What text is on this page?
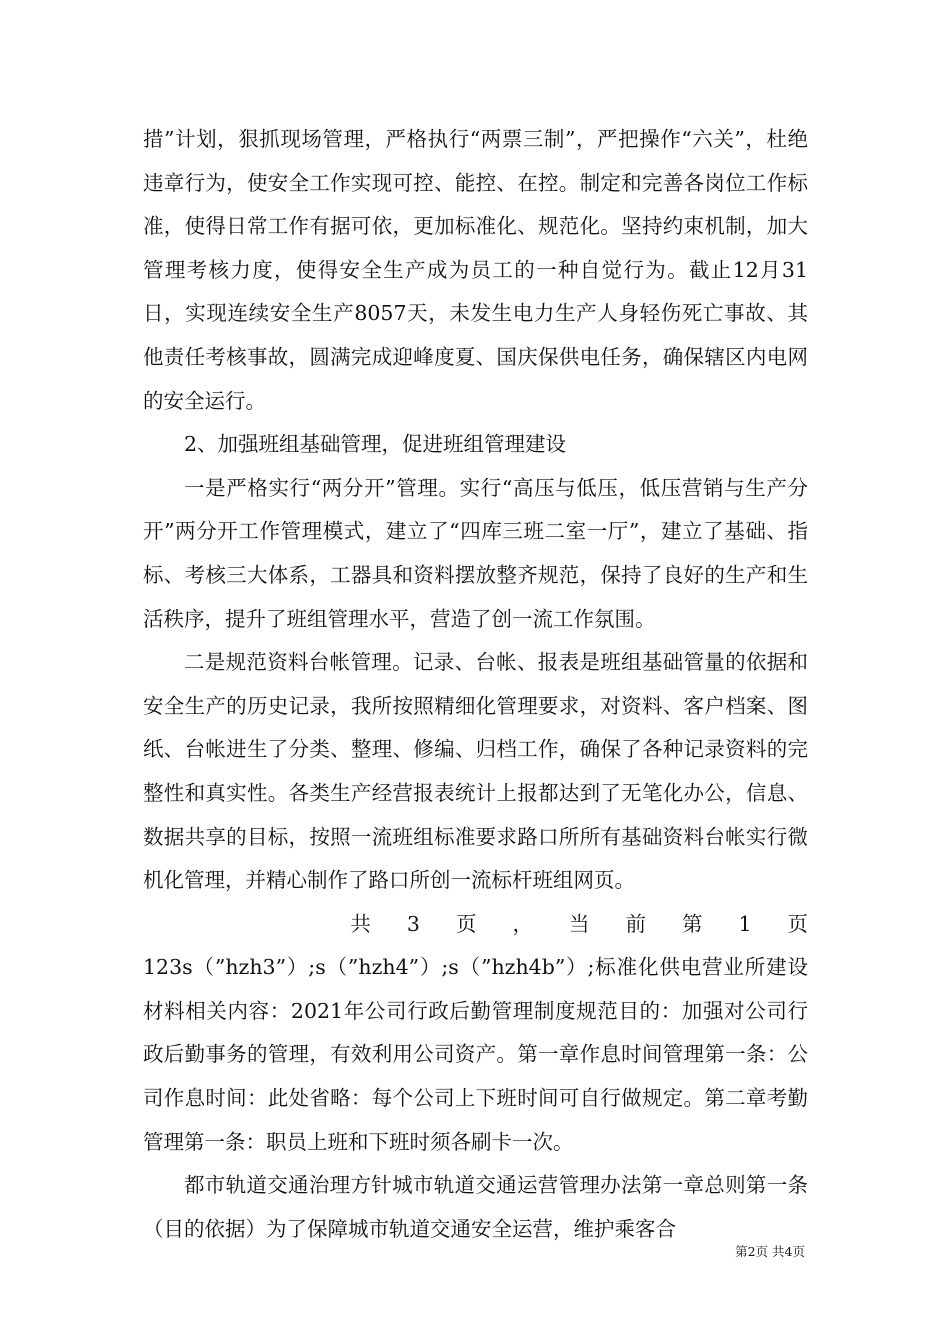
措”计划，狠抓现场管理，严格执行“两票三制”，严把操作“六关”，杜绝违章行为，使安全工作实现可控、能控、在控。制定和完善各岗位工作标准，使得日常工作有据可依，更加标准化、规范化。坚持约束机制，加大管理考核力度，使得安全生产成为员工的一种自觉行为。截止12月31日，实现连续安全生产8057天，未发生电力生产人身轻伤死亡事故、其他责任考核事故，圆满完成迎峰度夏、国庆保供电任务，确保辖区内电网的安全运行。

2、加强班组基础管理，促进班组管理建设

一是严格实行“两分开”管理。实行“高压与低压，低压营销与生产分开”两分开工作管理模式，建立了“四库三班二室一厅”，建立了基础、指标、考核三大体系，工器具和资料摆放整齐规范，保持了良好的生产和生活秩序，提升了班组管理水平，营造了创一流工作氛围。

二是规范资料台帐管理。记录、台帐、报表是班组基础管量的依据和安全生产的历史记录，我所按照精细化管理要求，对资料、客户档案、图纸、台帐进生了分类、整理、修编、归档工作，确保了各种记录资料的完整性和真实性。各类生产经营报表统计上报都达到了无笔化办公，信息、数据共享的目标，按照一流班组标准要求路口所所有基础资料台帐实行微机化管理，并精心制作了路口所创一流标杆班组网页。

共 3 页 ， 当 前 第 1 页

123s（”hzh3”）;s（”hzh4”）;s（”hzh4b”）;标准化供电营业所建设材料相关内容：2021年公司行政后勤管理制度规范目的：加强对公司行政后勤事务的管理，有效利用公司资产。第一章作息时间管理第一条：公司作息时间：此处省略：每个公司上下班时间可自行做规定。第二章考勤管理第一条：职员上班和下班时须各刷卡一次。

都市轨道交通治理方针城市轨道交通运营管理办法第一章总则第一条（目的依据）为了保障城市轨道交通安全运营，维护乘客合

第2页 共4页
